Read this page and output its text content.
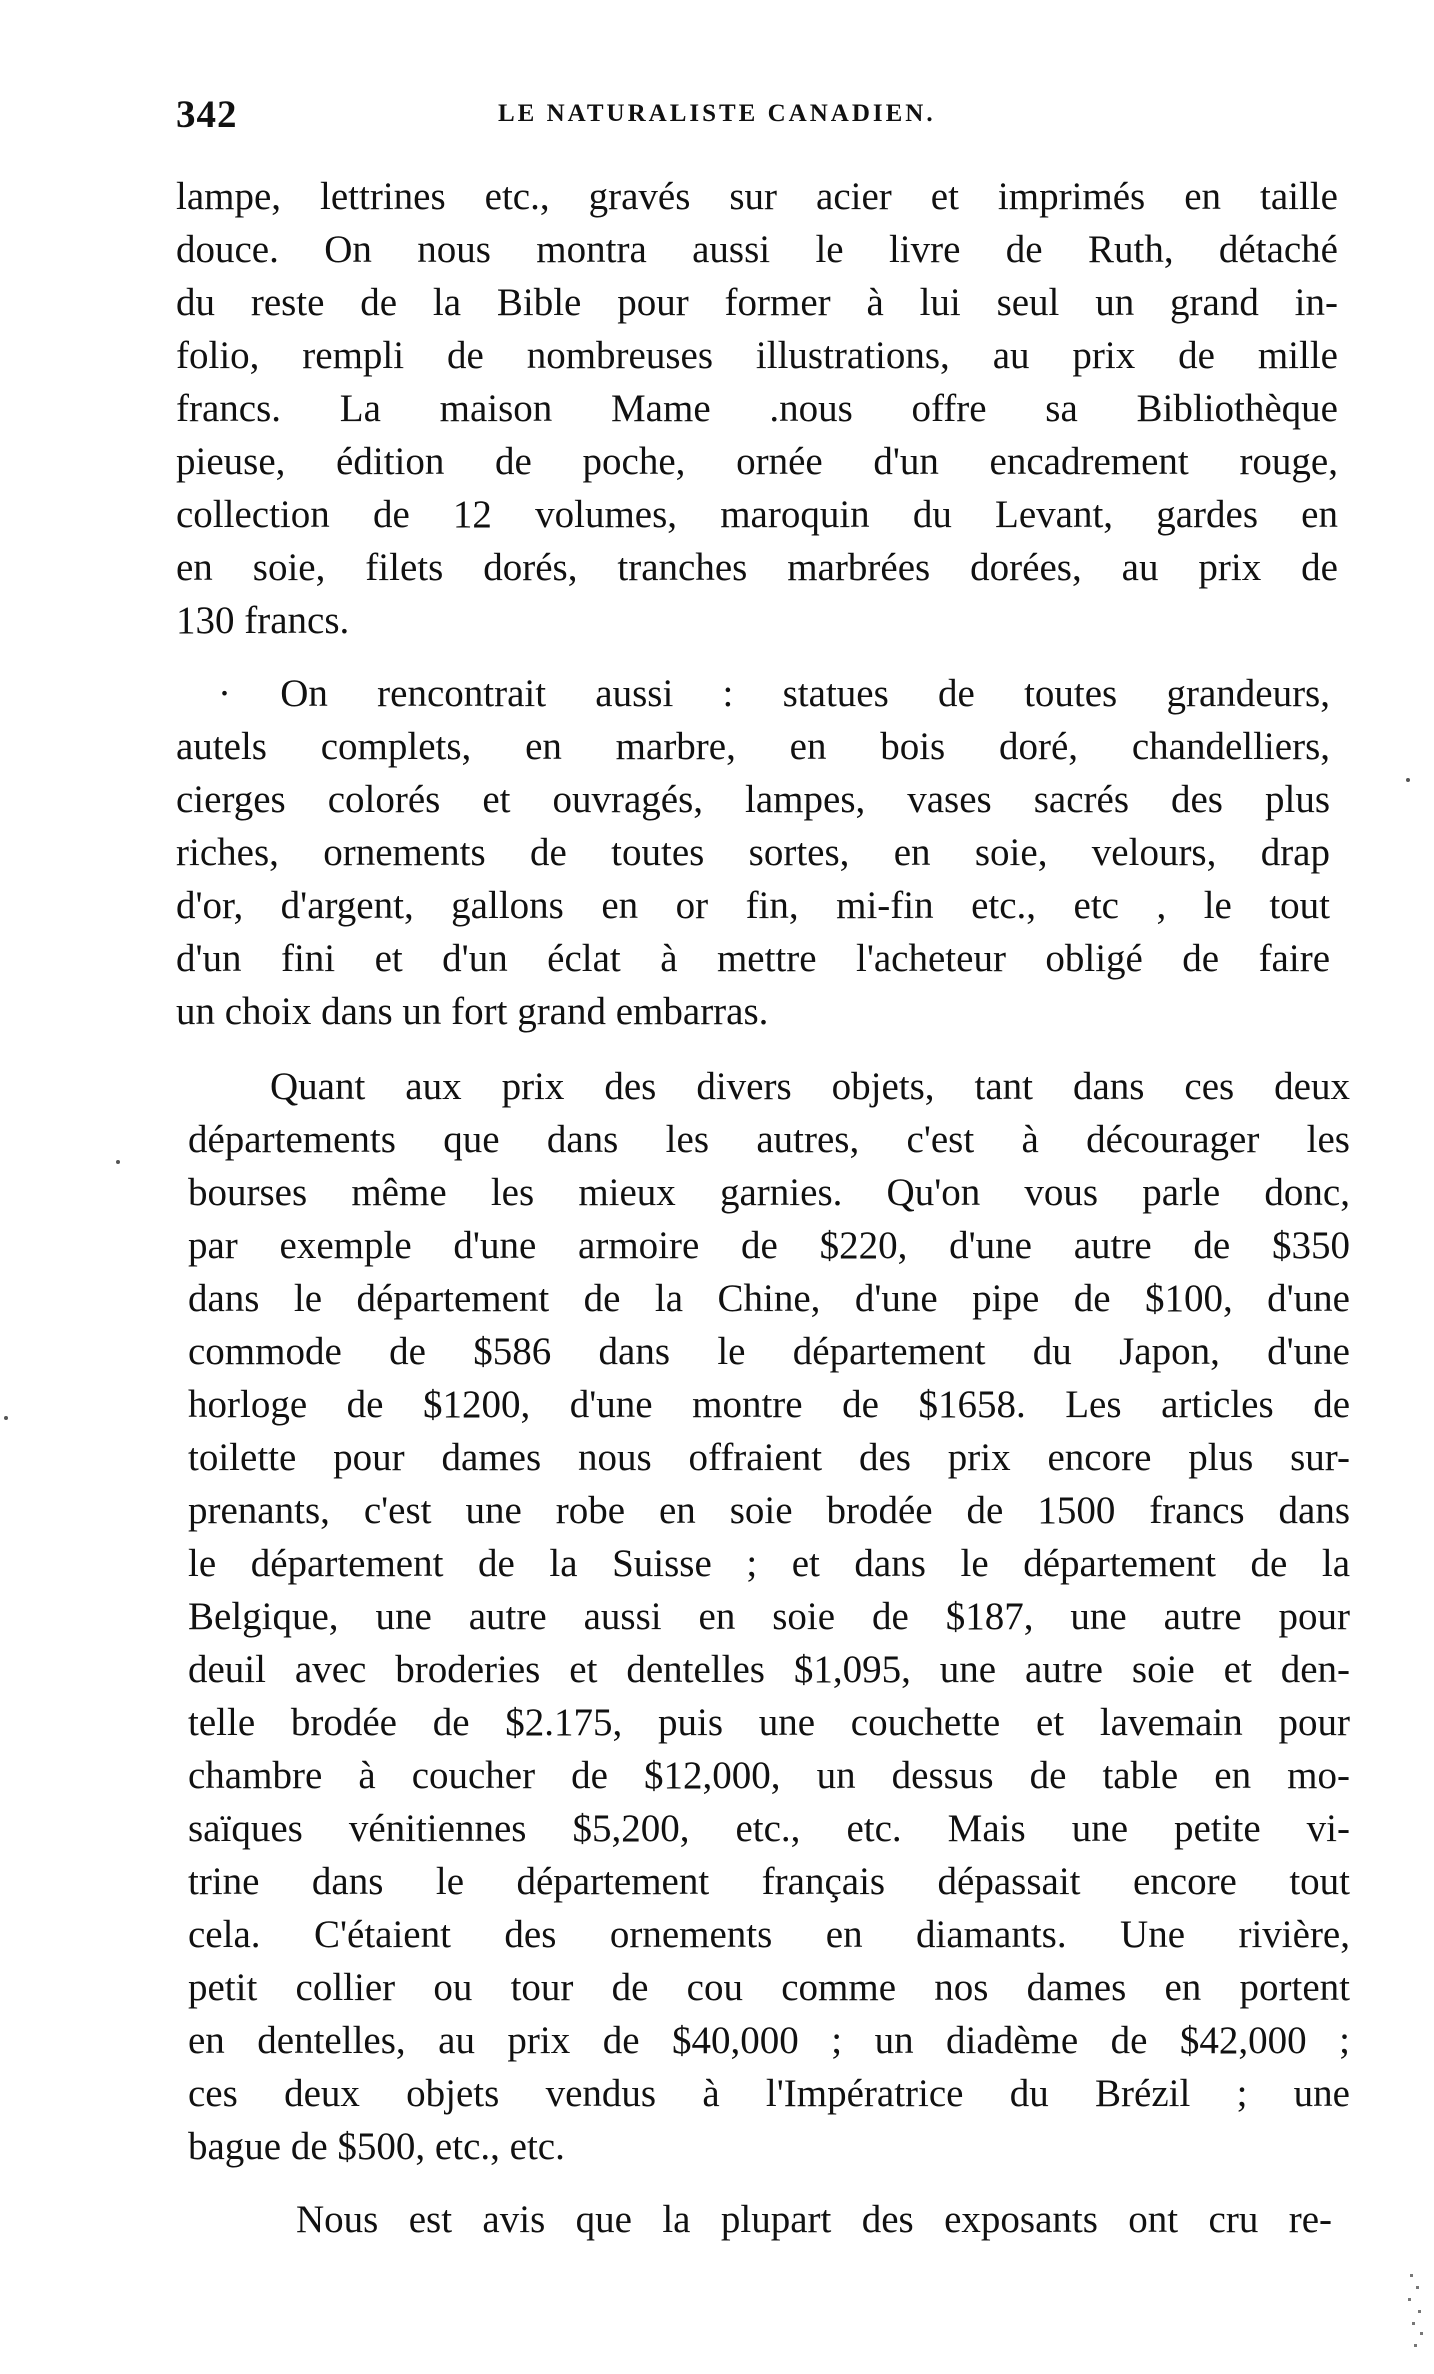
342	LE NATURALISTE CANADIEN.
lampe, lettrines etc., gravés sur acier et imprimés en taille
douce. On nous montra aussi le livre de Ruth, détaché
du reste de la Bible pour former à lui seul un grand in-
folio, rempli de nombreuses illustrations, au prix de mille
francs. La maison Mame .nous offre sa Bibliothèque
pieuse, édition de poche, ornée d'un encadrement rouge,
collection de 12 volumes, maroquin du Levant, gardes en
en soie, filets dorés, tranches marbrées dorées, au prix de
130 francs.
· On rencontrait aussi : statues de toutes grandeurs,
autels complets, en marbre, en bois doré, chandelliers,
cierges colorés et ouvragés, lampes, vases sacrés des plus
riches, ornements de toutes sortes, en soie, velours, drap
d'or, d'argent, gallons en or fin, mi-fin etc., etc , le tout
d'un fini et d'un éclat à mettre l'acheteur obligé de faire
un choix dans un fort grand embarras.
Quant aux prix des divers objets, tant dans ces deux
départements que dans les autres, c'est à décourager les
bourses même les mieux garnies. Qu'on vous parle donc,
par exemple d'une armoire de $220, d'une autre de $350
dans le département de la Chine, d'une pipe de $100, d'une
commode de $586 dans le département du Japon, d'une
horloge de $1200, d'une montre de $1658. Les articles de
toilette pour dames nous offraient des prix encore plus sur-
prenants, c'est une robe en soie brodée de 1500 francs dans
le département de la Suisse ; et dans le département de la
Belgique, une autre aussi en soie de $187, une autre pour
deuil avec broderies et dentelles $1,095, une autre soie et den-
telle brodée de $2.175, puis une couchette et lavemain pour
chambre à coucher de $12,000, un dessus de table en mo-
saïques vénitiennes $5,200, etc., etc. Mais une petite vi-
trine dans le département français dépassait encore tout
cela. C'étaient des ornements en diamants. Une rivière,
petit collier ou tour de cou comme nos dames en portent
en dentelles, au prix de $40,000 ; un diadème de $42,000 ;
ces deux objets vendus à l'Impératrice du Brézil ; une
bague de $500, etc., etc.
Nous est avis que la plupart des exposants ont cru re-
